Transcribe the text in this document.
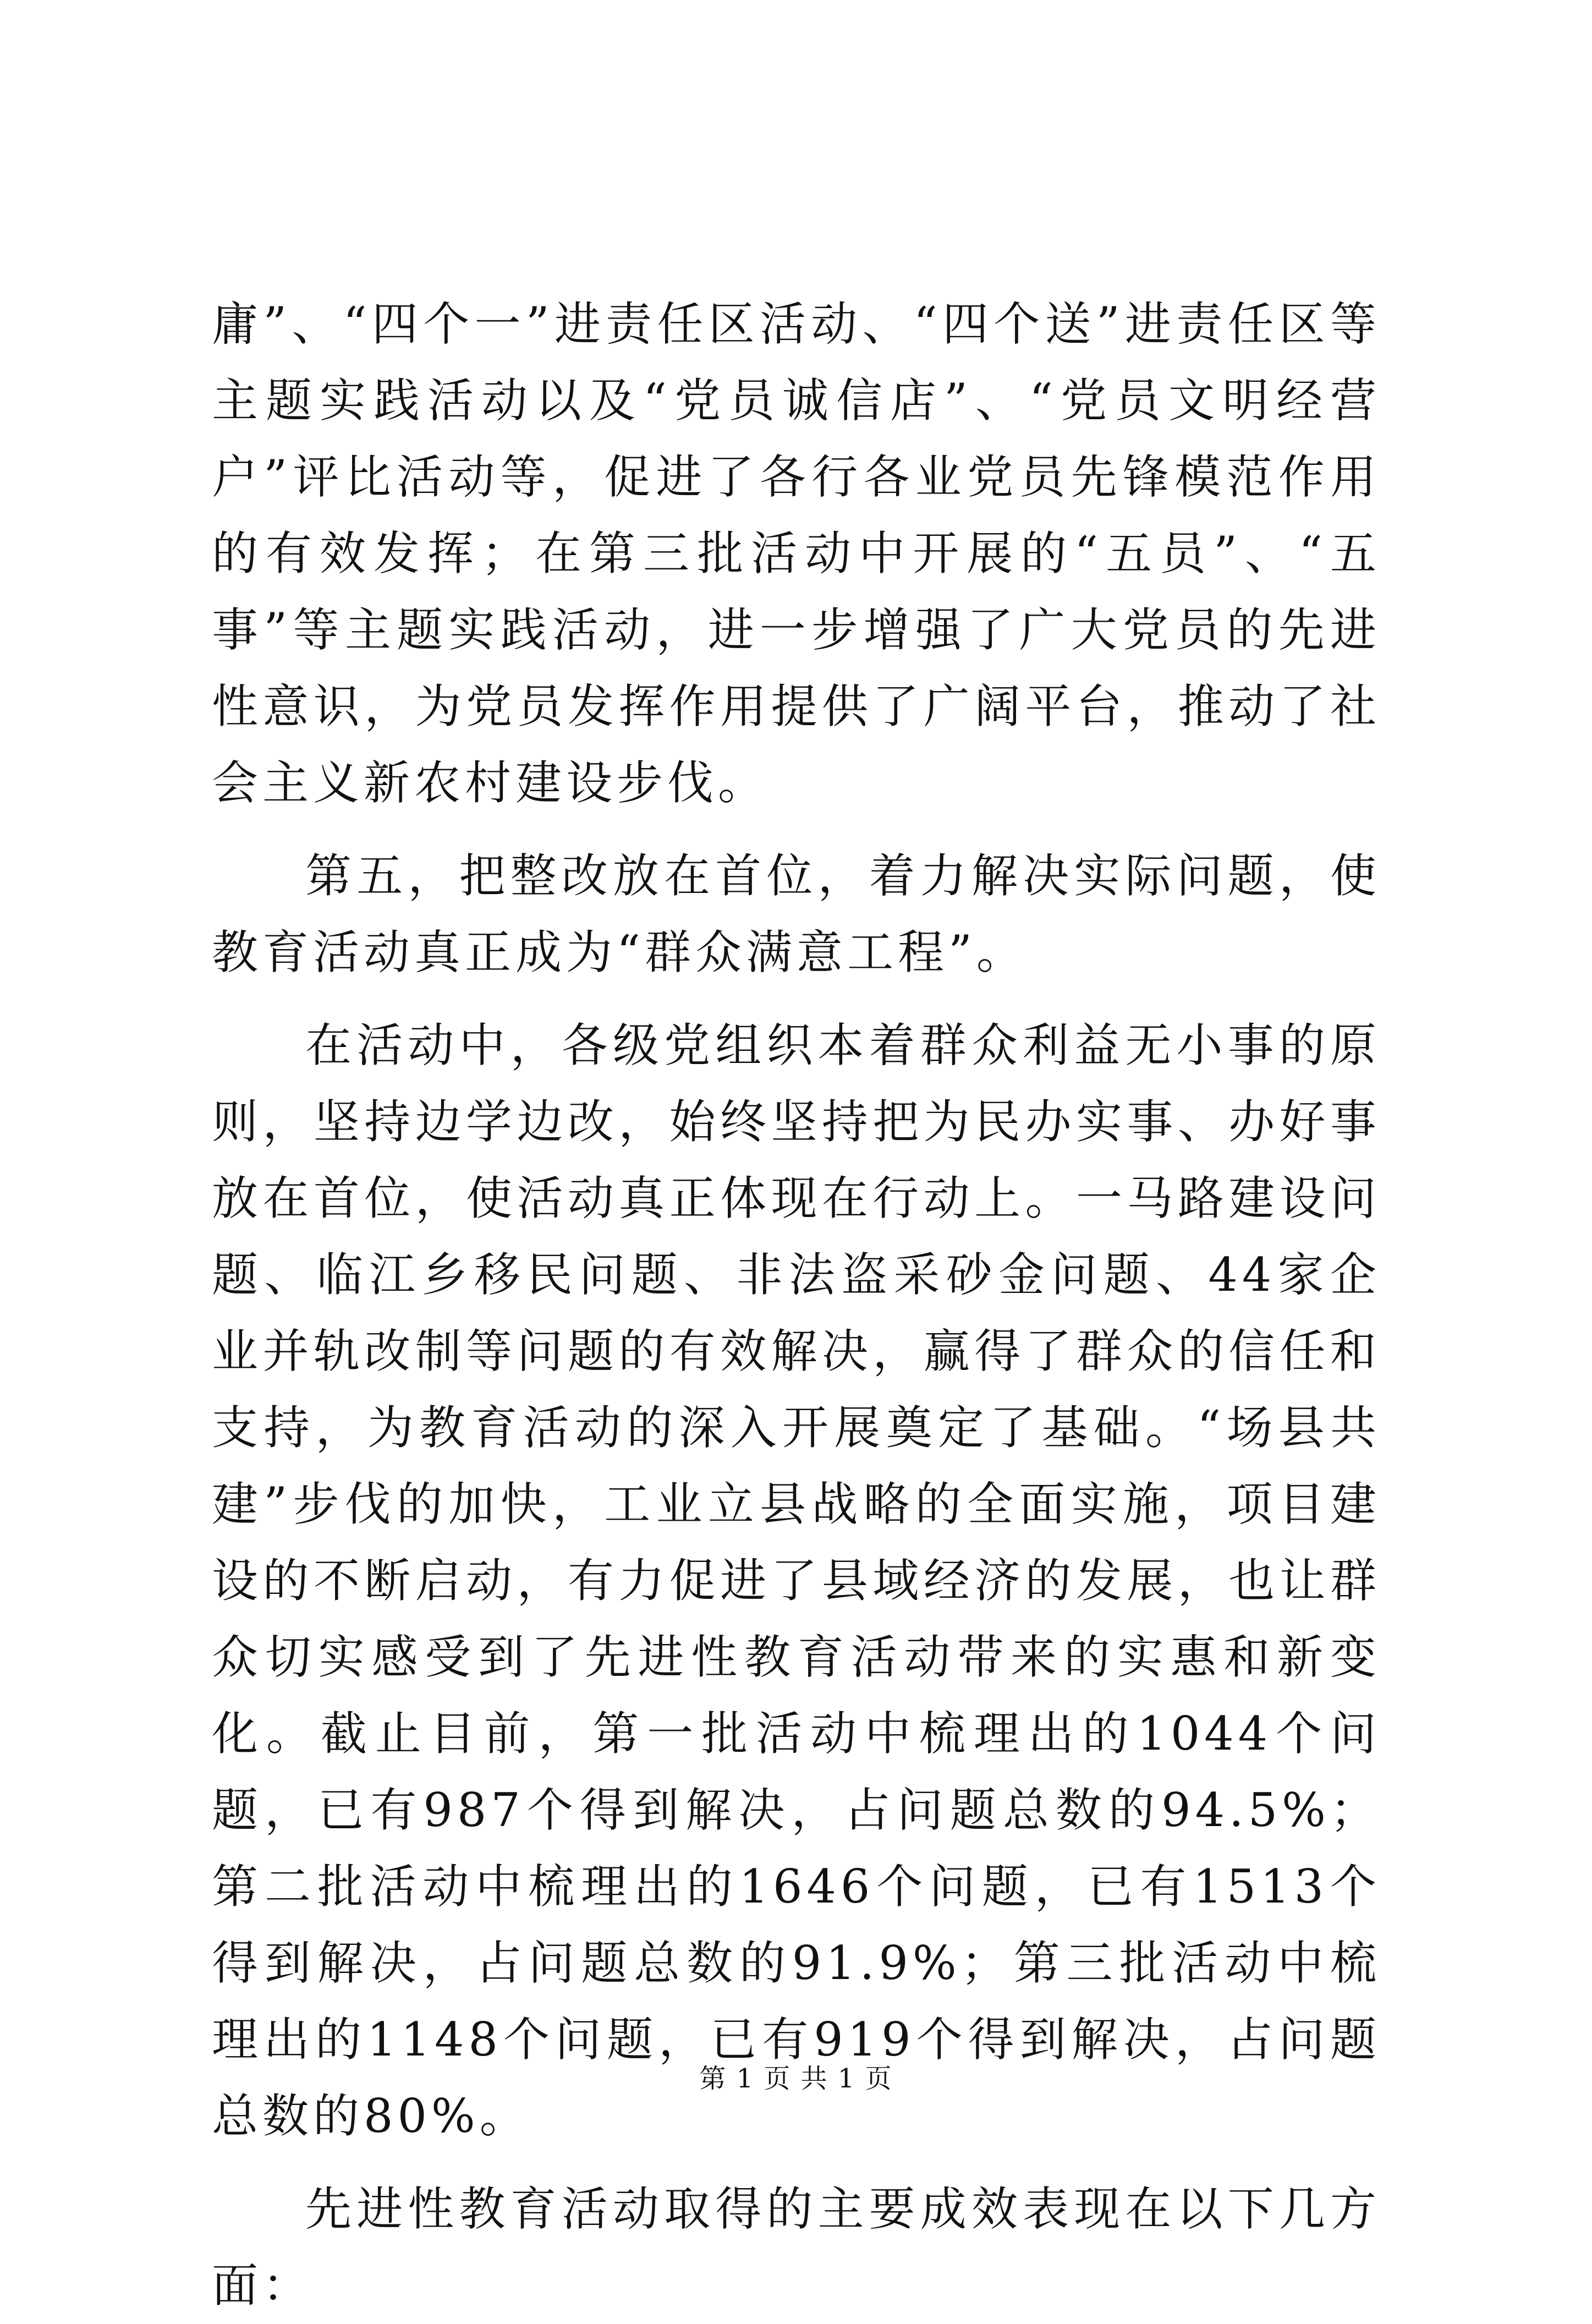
庸”、“四个一”进责任区活动、“四个送”进责任区等主题实践活动以及“党员诚信店”、“党员文明经营户”评比活动等，促进了各行各业党员先锋模范作用的有效发挥；在第三批活动中开展的“五员”、“五事”等主题实践活动，进一步增强了广大党员的先进性意识，为党员发挥作用提供了广阔平台，推动了社会主义新农村建设步伐。

第五，把整改放在首位，着力解决实际问题，使教育活动真正成为“群众满意工程”。

在活动中，各级党组织本着群众利益无小事的原则，坚持边学边改，始终坚持把为民办实事、办好事放在首位，使活动真正体现在行动上。一马路建设问题、临江乡移民问题、非法盗采砂金问题、44家企业并轨改制等问题的有效解决，赢得了群众的信任和支持，为教育活动的深入开展奠定了基础。“场县共建”步伐的加快，工业立县战略的全面实施，项目建设的不断启动，有力促进了县域经济的发展，也让群众切实感受到了先进性教育活动带来的实惠和新变化。截止目前，第一批活动中梳理出的1044个问题，已有987个得到解决，占问题总数的94.5%；第二批活动中梳理出的1646个问题，已有1513个得到解决，占问题总数的91.9%；第三批活动中梳理出的1148个问题，已有919个得到解决，占问题总数的80%。

先进性教育活动取得的主要成效表现在以下几方面：

第 1 页 共 1 页
